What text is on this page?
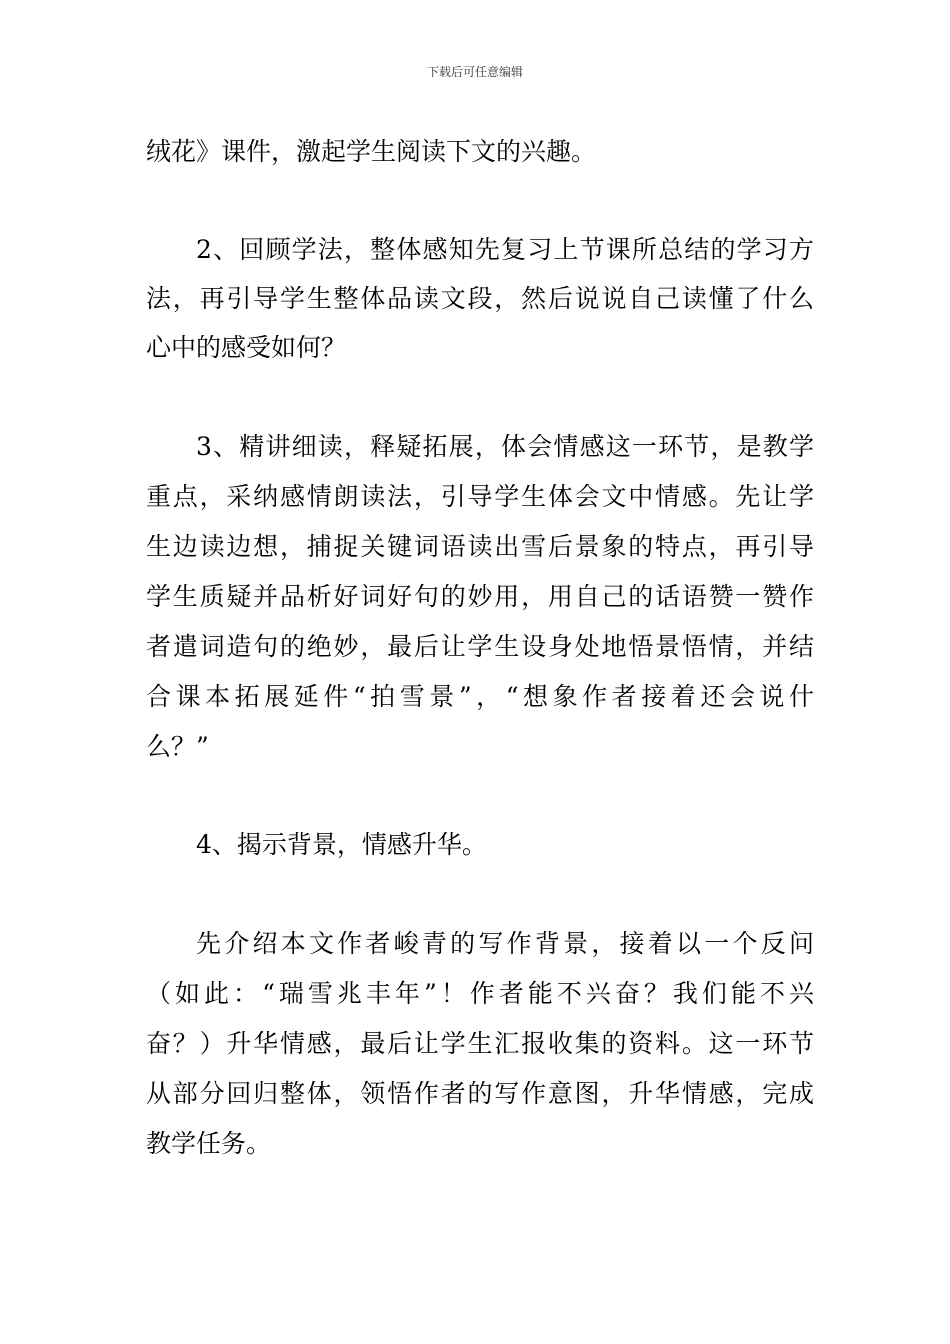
下载后可任意编辑
绒花》课件，激起学生阅读下文的兴趣。
2、回顾学法，整体感知先复习上节课所总结的学习方
法，再引导学生整体品读文段，然后说说自己读懂了什么
心中的感受如何？
3、精讲细读，释疑拓展，体会情感这一环节，是教学
重点，采纳感情朗读法，引导学生体会文中情感。先让学
生边读边想，捕捉关键词语读出雪后景象的特点，再引导
学生质疑并品析好词好句的妙用，用自己的话语赞一赞作
者遣词造句的绝妙，最后让学生设身处地悟景悟情，并结
合课本拓展延件“拍雪景”，“想象作者接着还会说什
么？”
4、揭示背景，情感升华。
先介绍本文作者峻青的写作背景，接着以一个反问
（如此：“瑞雪兆丰年”！作者能不兴奋？我们能不兴
奋？）升华情感，最后让学生汇报收集的资料。这一环节
从部分回归整体，领悟作者的写作意图，升华情感，完成
教学任务。
